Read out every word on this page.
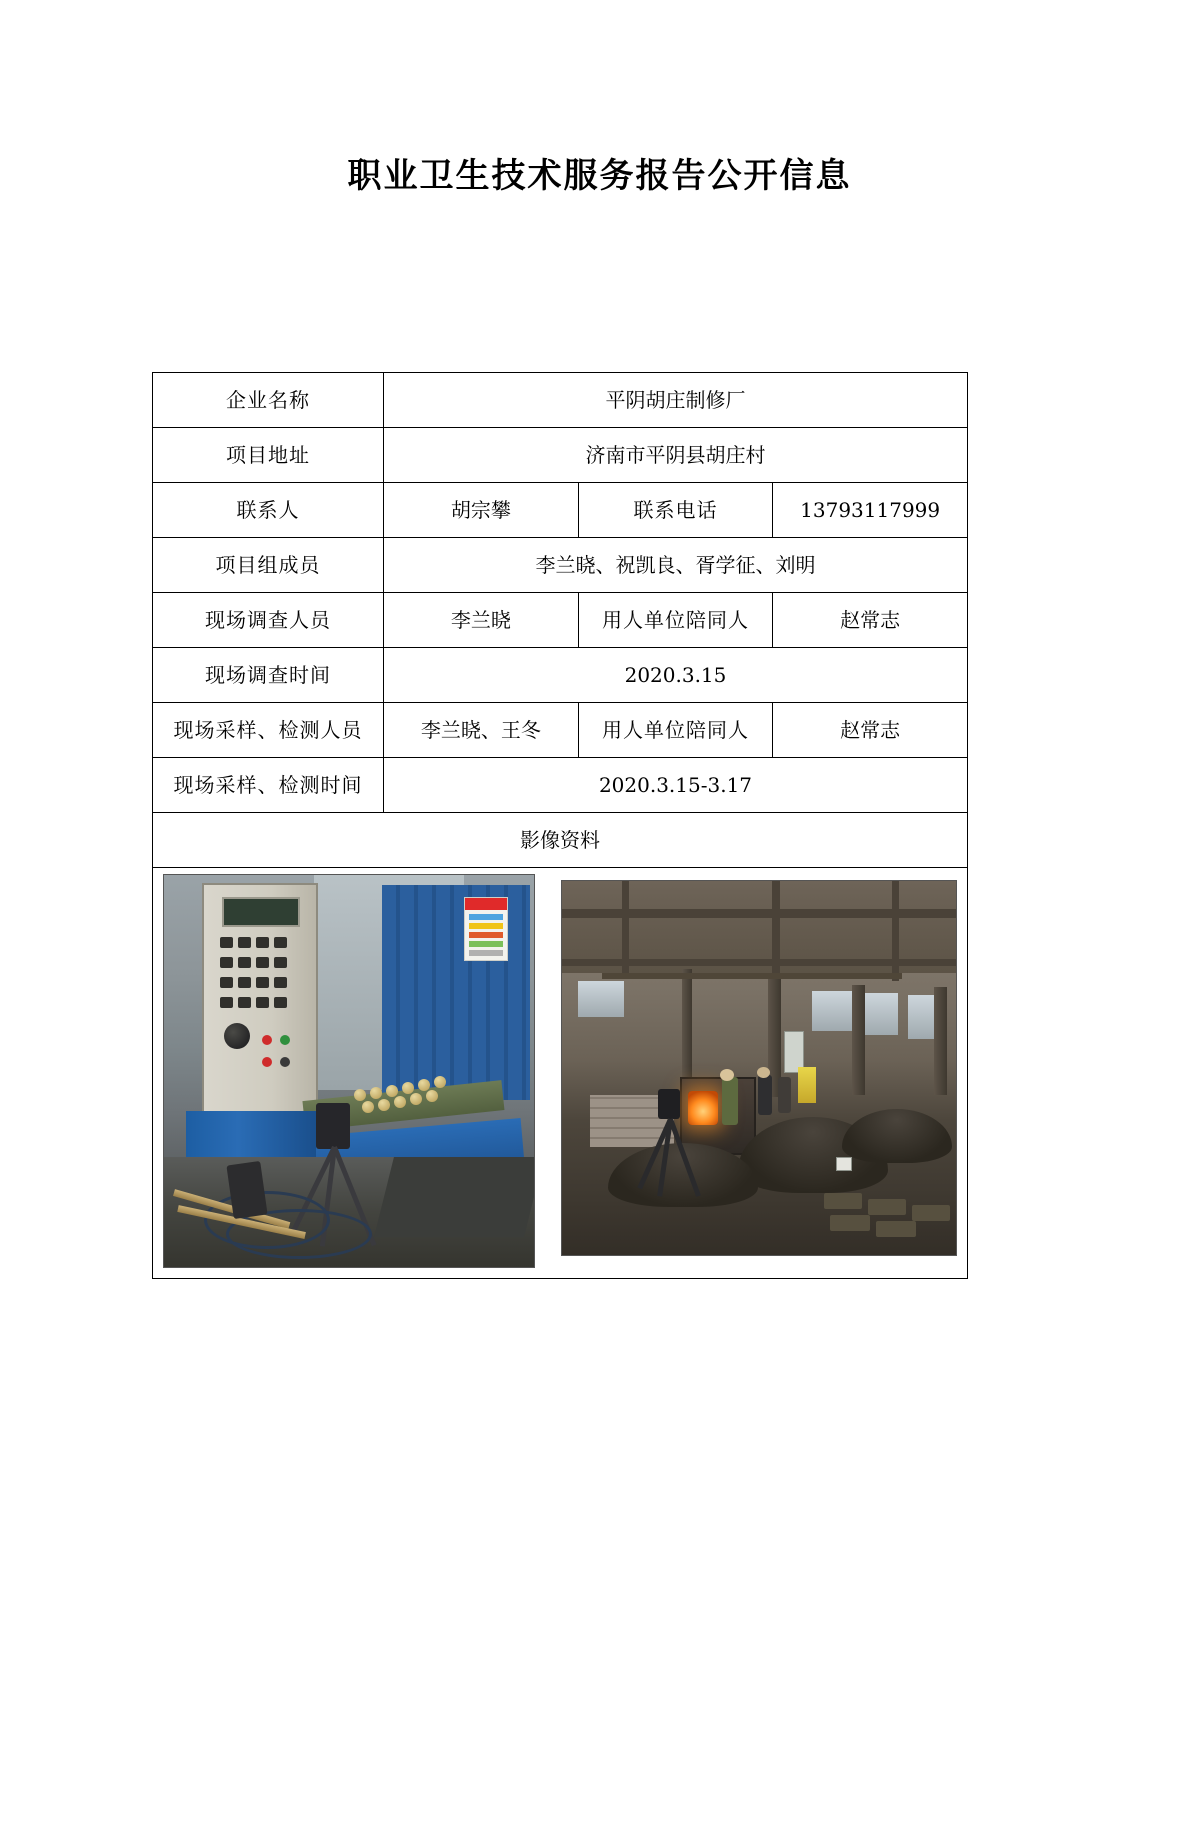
职业卫生技术服务报告公开信息
企业名称	平阴胡庄制修厂		
项目地址	济南市平阴县胡庄村		
联系人	胡宗攀	联系电话	13793117999
项目组成员	李兰晓、祝凯良、胥学征、刘明		
现场调查人员	李兰晓	用人单位陪同人	赵常志
现场调查时间	2020.3.15		
现场采样、检测人员	李兰晓、王冬	用人单位陪同人	赵常志
现场采样、检测时间	2020.3.15-3.17		
影像资料			
